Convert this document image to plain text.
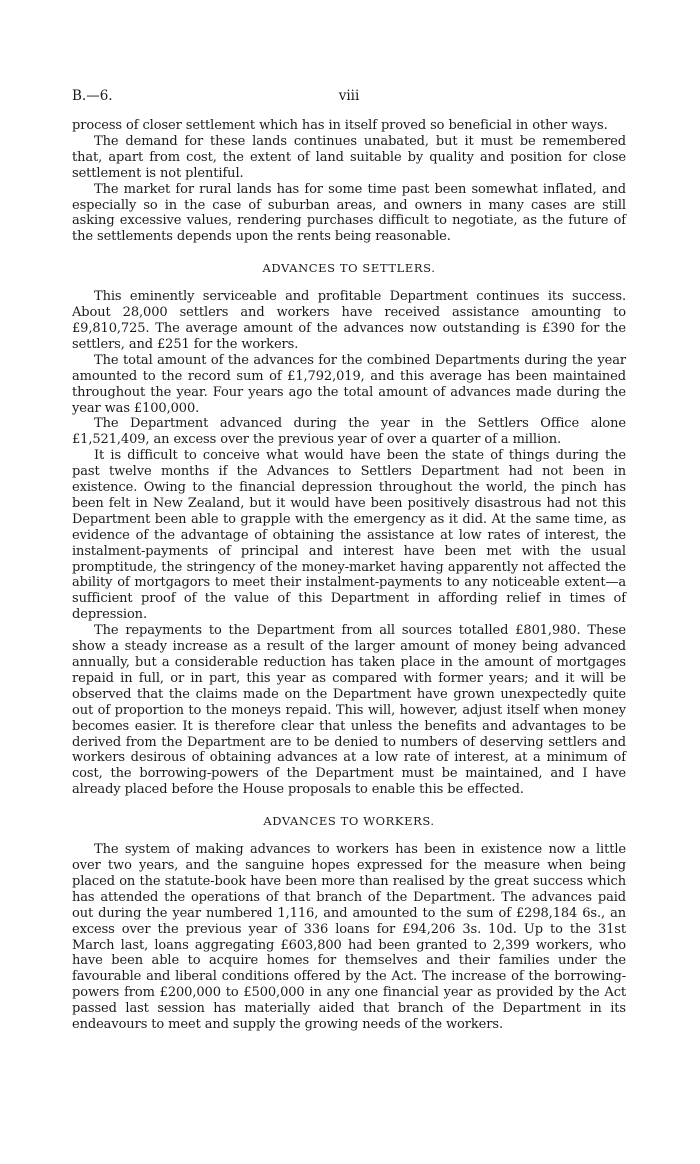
B.—6.	viii

process of closer settlement which has in itself proved so beneficial in other ways.

The demand for these lands continues unabated, but it must be remembered that, apart from cost, the extent of land suitable by quality and position for close settlement is not plentiful.

The market for rural lands has for some time past been somewhat inflated, and especially so in the case of suburban areas, and owners in many cases are still asking excessive values, rendering purchases difficult to negotiate, as the future of the settlements depends upon the rents being reasonable.

ADVANCES TO SETTLERS.

This eminently serviceable and profitable Department continues its success. About 28,000 settlers and workers have received assistance amounting to £9,810,725. The average amount of the advances now outstanding is £390 for the settlers, and £251 for the workers.

The total amount of the advances for the combined Departments during the year amounted to the record sum of £1,792,019, and this average has been maintained throughout the year. Four years ago the total amount of advances made during the year was £100,000.

The Department advanced during the year in the Settlers Office alone £1,521,409, an excess over the previous year of over a quarter of a million.

It is difficult to conceive what would have been the state of things during the past twelve months if the Advances to Settlers Department had not been in existence. Owing to the financial depression throughout the world, the pinch has been felt in New Zealand, but it would have been positively disastrous had not this Department been able to grapple with the emergency as it did. At the same time, as evidence of the advantage of obtaining the assistance at low rates of interest, the instalment-payments of principal and interest have been met with the usual promptitude, the stringency of the money-market having apparently not affected the ability of mortgagors to meet their instalment-payments to any noticeable extent—a sufficient proof of the value of this Department in affording relief in times of depression.

The repayments to the Department from all sources totalled £801,980. These show a steady increase as a result of the larger amount of money being advanced annually, but a considerable reduction has taken place in the amount of mortgages repaid in full, or in part, this year as compared with former years; and it will be observed that the claims made on the Department have grown unexpectedly quite out of proportion to the moneys repaid. This will, however, adjust itself when money becomes easier. It is therefore clear that unless the benefits and advantages to be derived from the Department are to be denied to numbers of deserving settlers and workers desirous of obtaining advances at a low rate of interest, at a minimum of cost, the borrowing-powers of the Department must be maintained, and I have already placed before the House proposals to enable this be effected.

ADVANCES TO WORKERS.

The system of making advances to workers has been in existence now a little over two years, and the sanguine hopes expressed for the measure when being placed on the statute-book have been more than realised by the great success which has attended the operations of that branch of the Department. The advances paid out during the year numbered 1,116, and amounted to the sum of £298,184 6s., an excess over the previous year of 336 loans for £94,206 3s. 10d. Up to the 31st March last, loans aggregating £603,800 had been granted to 2,399 workers, who have been able to acquire homes for themselves and their families under the favourable and liberal conditions offered by the Act. The increase of the borrowing-powers from £200,000 to £500,000 in any one financial year as provided by the Act passed last session has materially aided that branch of the Department in its endeavours to meet and supply the growing needs of the workers.
